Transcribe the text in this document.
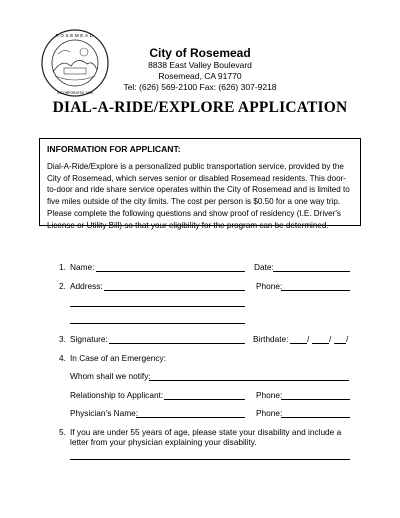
ROSEMEAD
INCORPORATED 1959
City of Rosemead
8838 East Valley Boulevard
Rosemead, CA 91770
Tel: (626) 569-2100 Fax: (626) 307-9218
DIAL-A-RIDE/EXPLORE APPLICATION
INFORMATION FOR APPLICANT:
Dial-A-Ride/Explore is a personalized public transportation service, provided by the City of Rosemead, which serves senior or disabled Rosemead residents. This door-to-door and ride share service operates within the City of Rosemead and is limited to five miles outside of the city limits. The cost per person is $0.50 for a one way trip. Please complete the following questions and show proof of residency (I.E. Driver's License or Utility Bill) so that your eligibility for the program can be determined.
1. Name:	Date:
2. Address:	Phone:
3. Signature:	Birthdate: / / /
4. In Case of an Emergency:
Whom shall we notify:
Relationship to Applicant:	Phone:
Physician’s Name:	Phone:
5. If you are under 55 years of age, please state your disability and include a letter from your physician explaining your disability.
